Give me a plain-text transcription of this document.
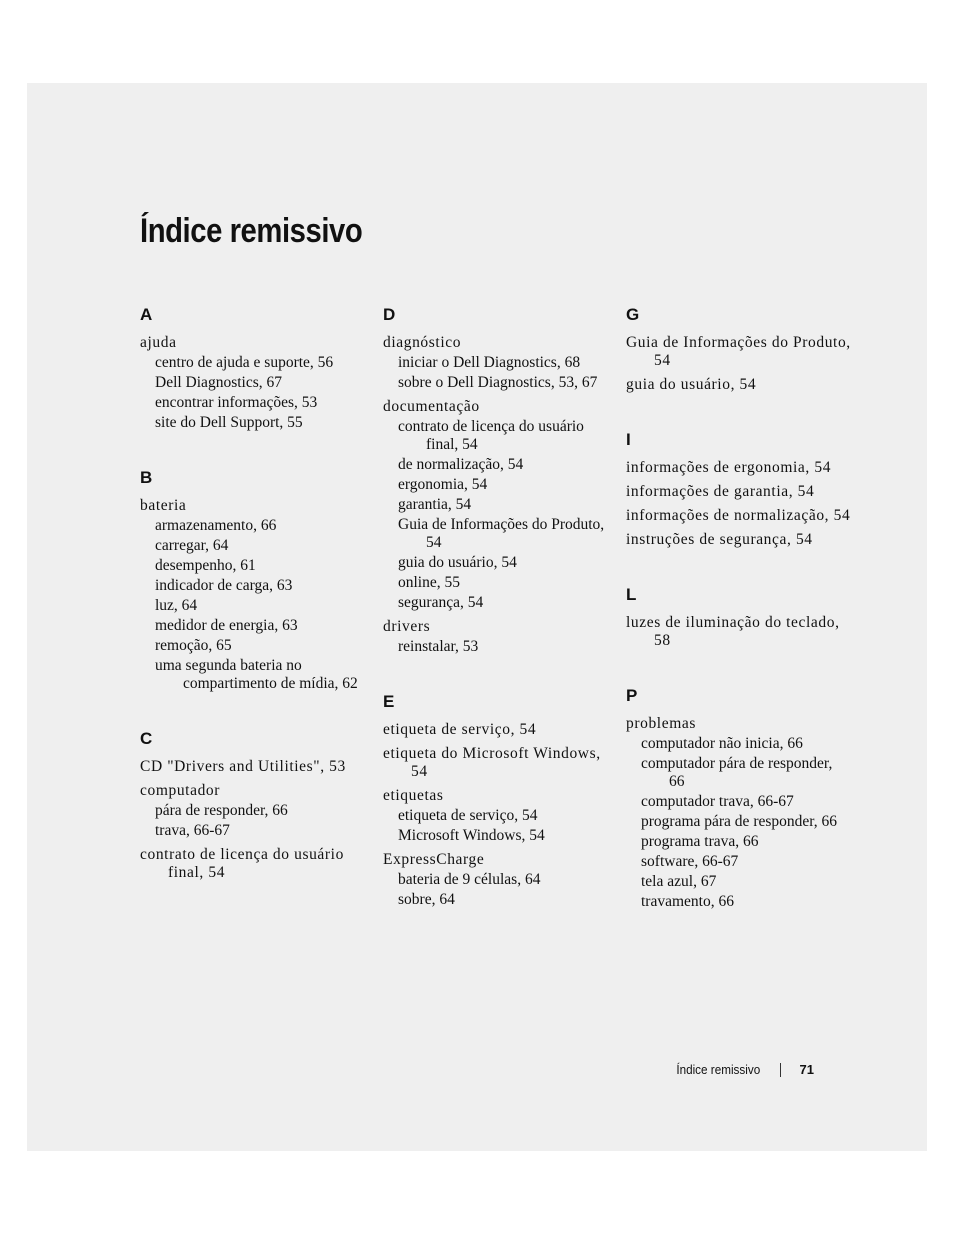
Índice remissivo
A
ajuda
centro de ajuda e suporte, 56
Dell Diagnostics, 67
encontrar informações, 53
site do Dell Support, 55
B
bateria
armazenamento, 66
carregar, 64
desempenho, 61
indicador de carga, 63
luz, 64
medidor de energia, 63
remoção, 65
uma segunda bateria no compartimento de mídia, 62
C
CD "Drivers and Utilities", 53
computador
pára de responder, 66
trava, 66-67
contrato de licença do usuário final, 54
D
diagnóstico
iniciar o Dell Diagnostics, 68
sobre o Dell Diagnostics, 53, 67
documentação
contrato de licença do usuário final, 54
de normalização, 54
ergonomia, 54
garantia, 54
Guia de Informações do Produto, 54
guia do usuário, 54
online, 55
segurança, 54
drivers
reinstalar, 53
E
etiqueta de serviço, 54
etiqueta do Microsoft Windows, 54
etiquetas
etiqueta de serviço, 54
Microsoft Windows, 54
ExpressCharge
bateria de 9 células, 64
sobre, 64
G
Guia de Informações do Produto, 54
guia do usuário, 54
I
informações de ergonomia, 54
informações de garantia, 54
informações de normalização, 54
instruções de segurança, 54
L
luzes de iluminação do teclado, 58
P
problemas
computador não inicia, 66
computador pára de responder, 66
computador trava, 66-67
programa pára de responder, 66
programa trava, 66
software, 66-67
tela azul, 67
travamento, 66
Índice remissivo	71
